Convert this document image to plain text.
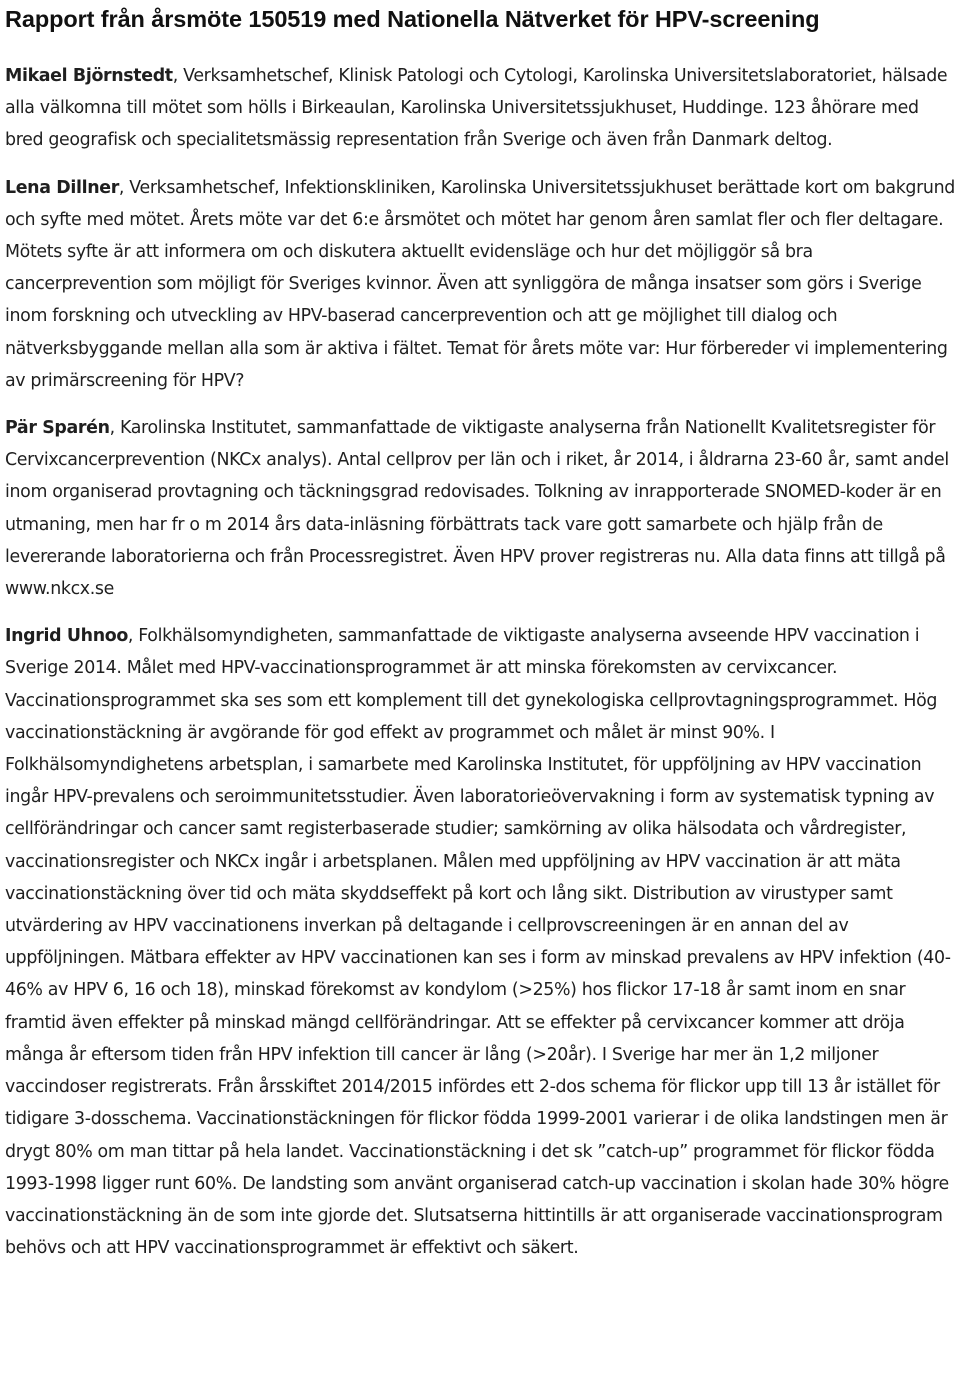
Rapport från årsmöte 150519 med Nationella Nätverket för HPV-screening

Mikael Björnstedt, Verksamhetschef, Klinisk Patologi och Cytologi, Karolinska Universitetslaboratoriet, hälsade alla välkomna till mötet som hölls i Birkeaulan, Karolinska Universitetssjukhuset, Huddinge. 123 åhörare med bred geografisk och specialitetsmässig representation från Sverige och även från Danmark deltog.

Lena Dillner, Verksamhetschef, Infektionskliniken, Karolinska Universitetssjukhuset berättade kort om bakgrund och syfte med mötet. Årets möte var det 6:e årsmötet och mötet har genom åren samlat fler och fler deltagare. Mötets syfte är att informera om och diskutera aktuellt evidensläge och hur det möjliggör så bra cancerprevention som möjligt för Sveriges kvinnor. Även att synliggöra de många insatser som görs i Sverige inom forskning och utveckling av HPV-baserad cancerprevention och att ge möjlighet till dialog och nätverksbyggande mellan alla som är aktiva i fältet. Temat för årets möte var: Hur förbereder vi implementering av primärscreening för HPV?

Pär Sparén, Karolinska Institutet, sammanfattade de viktigaste analyserna från Nationellt Kvalitetsregister för Cervixcancerprevention (NKCx analys). Antal cellprov per län och i riket, år 2014, i åldrarna 23-60 år, samt andel inom organiserad provtagning och täckningsgrad redovisades. Tolkning av inrapporterade SNOMED-koder är en utmaning, men har fr o m 2014 års data-inläsning förbättrats tack vare gott samarbete och hjälp från de levererande laboratorierna och från Processregistret. Även HPV prover registreras nu. Alla data finns att tillgå på www.nkcx.se

Ingrid Uhnoo, Folkhälsomyndigheten, sammanfattade de viktigaste analyserna avseende HPV vaccination i Sverige 2014. Målet med HPV-vaccinationsprogrammet är att minska förekomsten av cervixcancer. Vaccinationsprogrammet ska ses som ett komplement till det gynekologiska cellprovtagningsprogrammet. Hög vaccinationstäckning är avgörande för god effekt av programmet och målet är minst 90%. I Folkhälsomyndighetens arbetsplan, i samarbete med Karolinska Institutet, för uppföljning av HPV vaccination ingår HPV-prevalens och seroimmunitetsstudier. Även laboratorieövervakning i form av systematisk typning av cellförändringar och cancer samt registerbaserade studier; samkörning av olika hälsodata och vårdregister, vaccinationsregister och NKCx ingår i arbetsplanen. Målen med uppföljning av HPV vaccination är att mäta vaccinationstäckning över tid och mäta skyddseffekt på kort och lång sikt. Distribution av virustyper samt utvärdering av HPV vaccinationens inverkan på deltagande i cellprovscreeningen är en annan del av uppföljningen. Mätbara effekter av HPV vaccinationen kan ses i form av minskad prevalens av HPV infektion (40-46% av HPV 6, 16 och 18), minskad förekomst av kondylom (>25%) hos flickor 17-18 år samt inom en snar framtid även effekter på minskad mängd cellförändringar. Att se effekter på cervixcancer kommer att dröja många år eftersom tiden från HPV infektion till cancer är lång (>20år). I Sverige har mer än 1,2 miljoner vaccindoser registrerats. Från årsskiftet 2014/2015 infördes ett 2-dos schema för flickor upp till 13 år istället för tidigare 3-dosschema. Vaccinationstäckningen för flickor födda 1999-2001 varierar i de olika landstingen men är drygt 80% om man tittar på hela landet. Vaccinationstäckning i det sk ”catch-up” programmet för flickor födda 1993-1998 ligger runt 60%. De landsting som använt organiserad catch-up vaccination i skolan hade 30% högre vaccinationstäckning än de som inte gjorde det. Slutsatserna hittintills är att organiserade vaccinationsprogram behövs och att HPV vaccinationsprogrammet är effektivt och säkert.
